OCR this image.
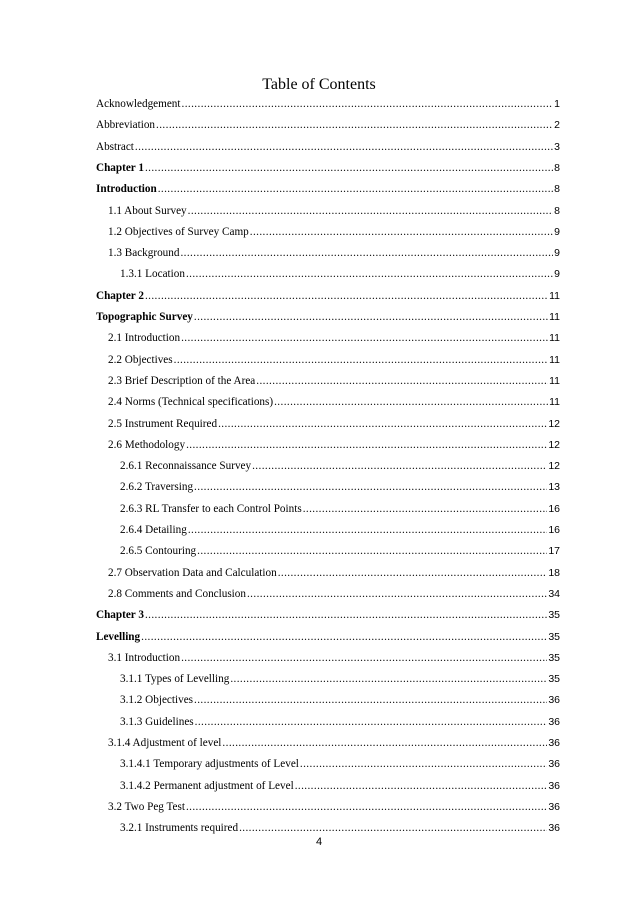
Table of Contents
Acknowledgement .....	1
Abbreviation .....	2
Abstract .....	3
Chapter 1 .....	8
Introduction .....	8
1.1 About Survey .....	8
1.2 Objectives of Survey Camp .....	9
1.3 Background .....	9
1.3.1 Location .....	9
Chapter 2 .....	11
Topographic Survey .....	11
2.1 Introduction .....	11
2.2 Objectives .....	11
2.3 Brief Description of the Area .....	11
2.4 Norms (Technical specifications) .....	11
2.5 Instrument Required .....	12
2.6 Methodology .....	12
2.6.1 Reconnaissance Survey .....	12
2.6.2 Traversing .....	13
2.6.3 RL Transfer to each Control Points .....	16
2.6.4 Detailing .....	16
2.6.5 Contouring .....	17
2.7 Observation Data and Calculation .....	18
2.8 Comments and Conclusion .....	34
Chapter 3 .....	35
Levelling .....	35
3.1 Introduction .....	35
3.1.1 Types of Levelling .....	35
3.1.2 Objectives .....	36
3.1.3 Guidelines .....	36
3.1.4 Adjustment of level .....	36
3.1.4.1 Temporary adjustments of Level .....	36
3.1.4.2 Permanent adjustment of Level .....	36
3.2 Two Peg Test .....	36
3.2.1 Instruments required .....	36
4
